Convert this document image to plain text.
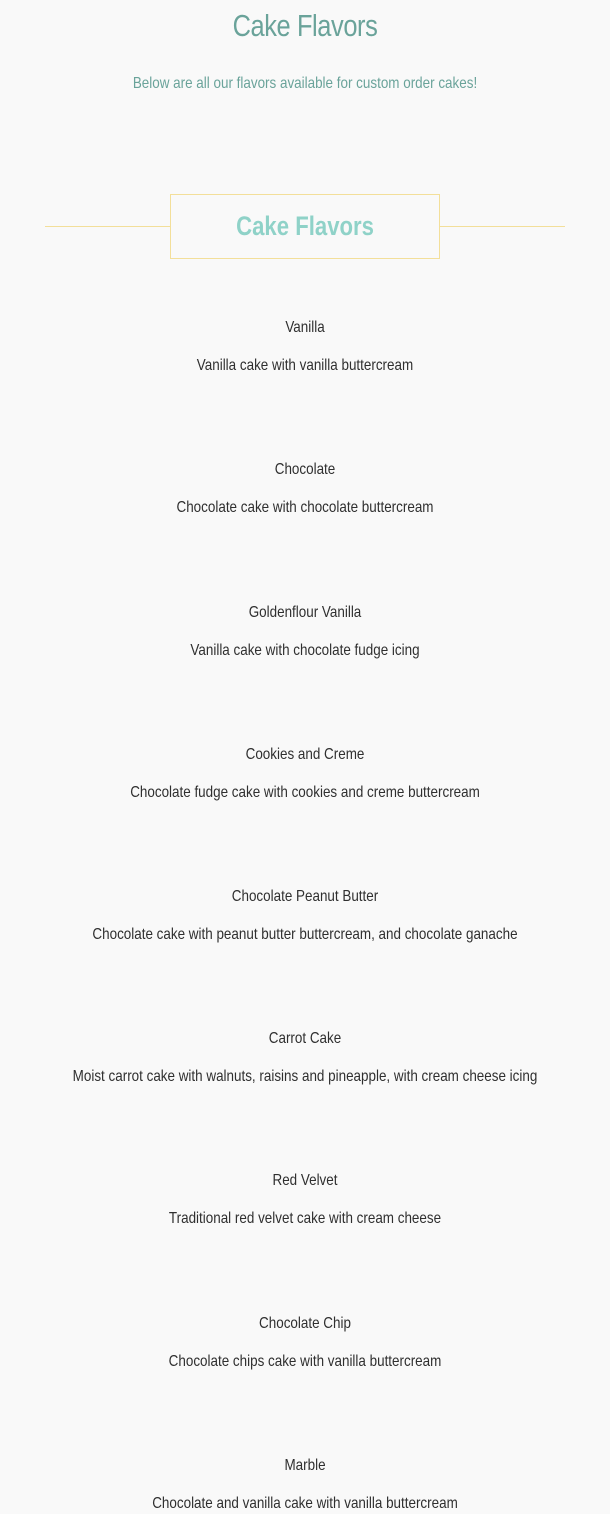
Cake Flavors
Below are all our flavors available for custom order cakes!
Cake Flavors
Vanilla
Vanilla cake with vanilla buttercream
Chocolate
Chocolate cake with chocolate buttercream
Goldenflour Vanilla
Vanilla cake with chocolate fudge icing
Cookies and Creme
Chocolate fudge cake with cookies and creme buttercream
Chocolate Peanut Butter
Chocolate cake with peanut butter buttercream, and chocolate ganache
Carrot Cake
Moist carrot cake with walnuts, raisins and pineapple, with cream cheese icing
Red Velvet
Traditional red velvet cake with cream cheese
Chocolate Chip
Chocolate chips cake with vanilla buttercream
Marble
Chocolate and vanilla cake with vanilla buttercream
